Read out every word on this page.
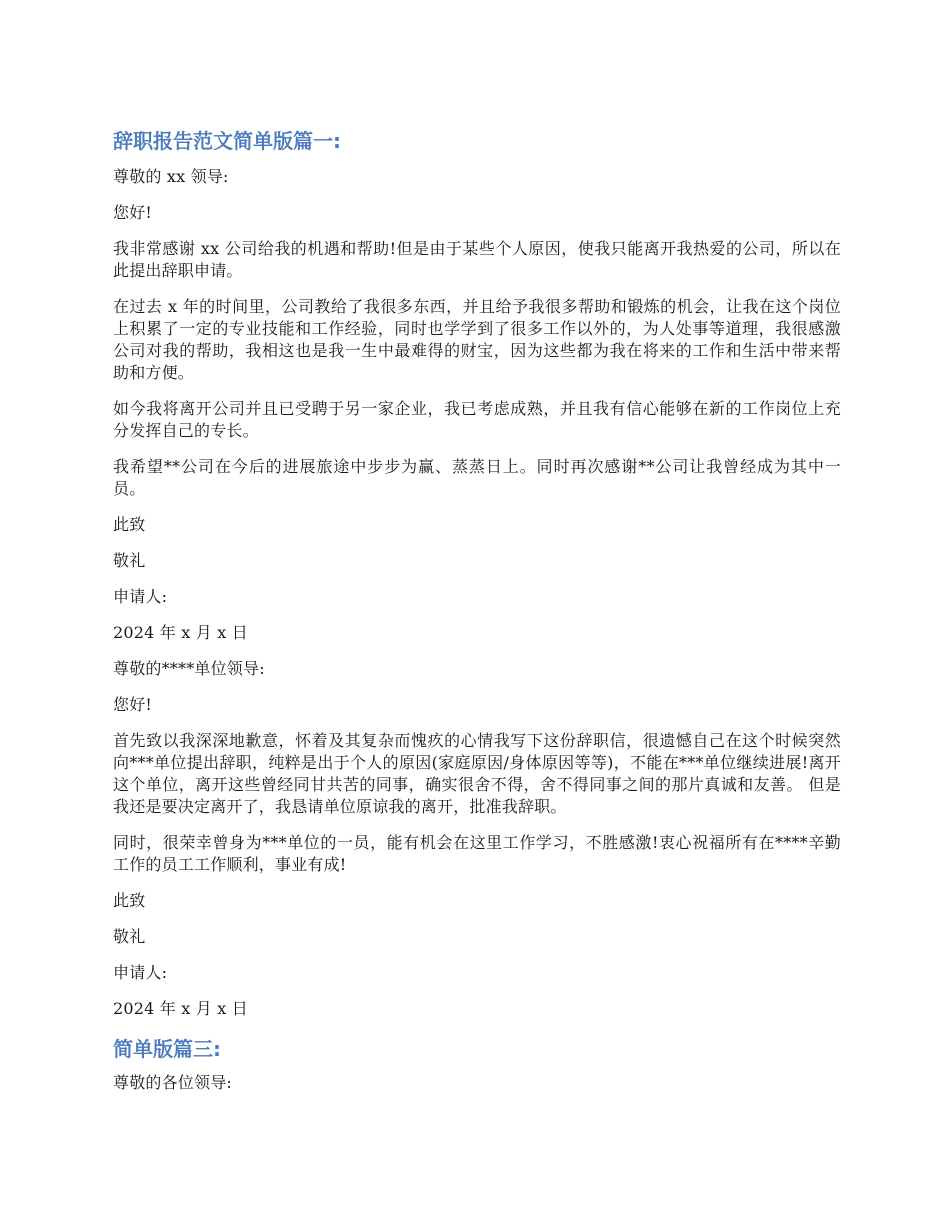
辞职报告范文简单版篇一:

尊敬的 xx 领导:

您好!

我非常感谢 xx 公司给我的机遇和帮助!但是由于某些个人原因，使我只能离开我热爱的公司，所以在此提出辞职申请。

在过去 x 年的时间里，公司教给了我很多东西，并且给予我很多帮助和锻炼的机会，让我在这个岗位上积累了一定的专业技能和工作经验，同时也学学到了很多工作以外的，为人处事等道理，我很感激公司对我的帮助，我相这也是我一生中最难得的财宝，因为这些都为我在将来的工作和生活中带来帮助和方便。

如今我将离开公司并且已受聘于另一家企业，我已考虑成熟，并且我有信心能够在新的工作岗位上充分发挥自己的专长。

我希望**公司在今后的进展旅途中步步为赢、蒸蒸日上。同时再次感谢**公司让我曾经成为其中一员。

此致

敬礼

申请人:

2024 年 x 月 x 日

尊敬的****单位领导:

您好!

首先致以我深深地歉意，怀着及其复杂而愧疚的心情我写下这份辞职信，很遗憾自己在这个时候突然向***单位提出辞职，纯粹是出于个人的原因(家庭原因/身体原因等等)，不能在***单位继续进展!离开这个单位，离开这些曾经同甘共苦的同事，确实很舍不得，舍不得同事之间的那片真诚和友善。 但是我还是要决定离开了，我恳请单位原谅我的离开，批准我辞职。

同时，很荣幸曾身为***单位的一员，能有机会在这里工作学习，不胜感激!衷心祝福所有在****辛勤工作的员工工作顺利，事业有成!

此致

敬礼

申请人:

2024 年 x 月 x 日

简单版篇三:

尊敬的各位领导:
